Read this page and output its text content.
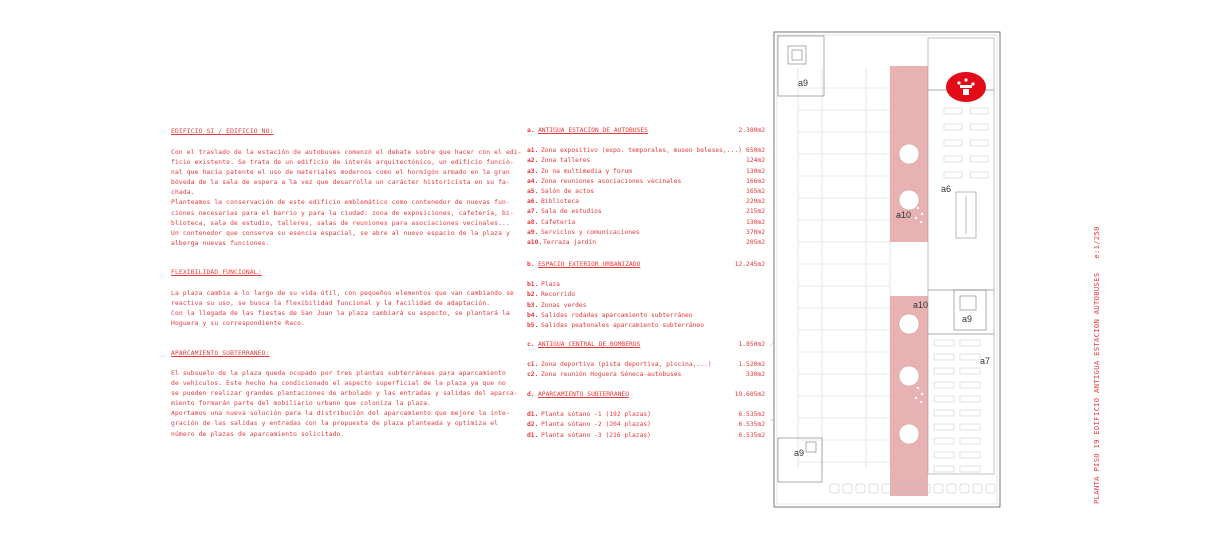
EDIFICIO SI / EDIFICIO NO:

Con el traslado de la estación de autobuses comenzó el debate sobre que hacer con el edi-

ficio existente. Se trata de un edificio de interés arquitectónico, un edificio funcio-

nal que hacía patente el uso de materiales modernos como el hormigón armado en la gran

bóveda de la sala de espera a la vez que desarrolla un carácter historicista en su fa-

chada.

Planteamos la conservación de este edificio emblemático como contenedor de nuevas fun-

ciones necesarias para el barrio y para la ciudad: zona de exposiciones, cafetería, bi-

blioteca, sala de estudio, talleres, salas de reuniones para asociaciones vecinales...

Un contenedor que conserva su esencia espacial, se abre al nuevo espacio de la plaza y

alberga nuevas funciones.

FLEXIBILIDAD FUNCIONAL:

La plaza cambia a lo largo de su vida útil, con pequeños elementos que van cambiando se

reactiva su uso, se busca la flexibilidad funcional y la facilidad de adaptación.

Con la llegada de las fiestas de San Juan la plaza cambiará su aspecto, se plantará la

Hoguera y su correspondiente Raco.

APARCAMIENTO SUBTERRANEO:

El subsuelo de la plaza queda ocupado por tres plantas subterráneas para aparcamiento

de vehículos. Este hecho ha condicionado el aspecto superficial de la plaza ya que no

se pueden realizar grandes plantaciones de arbolado y las entradas y salidas del aparca-

miento formarán parte del mobiliario urbano que coloniza la plaza.

Aportamos una nueva solución para la distribución del aparcamiento que mejore la inte-

gración de las salidas y entradas con la propuesta de plaza planteada y optimiza el

número de plazas de aparcamiento solicitado.

a. ANTIGUA ESTACION DE AUTOBUSES	2.380m2
a1. Zona expositivo (expo. temporales, museo beleses,...) 650m2
a2. Zona talleres	124m2
a3. Zo na multimedia y forum	130m2
a4. Zona reuniones asociaciones vecinales	166m2
a5. Salón de actos	165m2
a6. Biblioteca	229m2
a7. Sala de estudios	215m2
a8. Cafetería	130m2
a9. Servicios y comunicaciones	370m2
a10. Terraza jardín	205m2
b. ESPACIO EXTERIOR URBANIZADO	12.245m2
b1. Plaza
b2. Recorrido
b3. Zonas verdes
b4. Salidas rodadas aparcamiento subterráneo
b5. Salidas peatonales aparcamiento subterráneo
c. ANTIGUA CENTRAL DE BOMBEROS	1.850m2
c1. Zona deportiva (pista deportiva, piscina,...)	1.520m2
c2. Zona reunión Hoguera Séneca-autobuses	330m2
d. APARCAMIENTO SUBTERRANEO	19.605m2
d1. Planta sótano -1 (192 plazas)	6.535m2
d2. Planta sótano -2 (204 plazas)	6.535m2
d1. Planta sótano -3 (216 plazas)	6.535m2
a9
a6
a10
a10
a9
a7
a9	PLANTA PISO 19 EDIFICIO ANTIGUA ESTACION AUTOBUSESe:1/250
